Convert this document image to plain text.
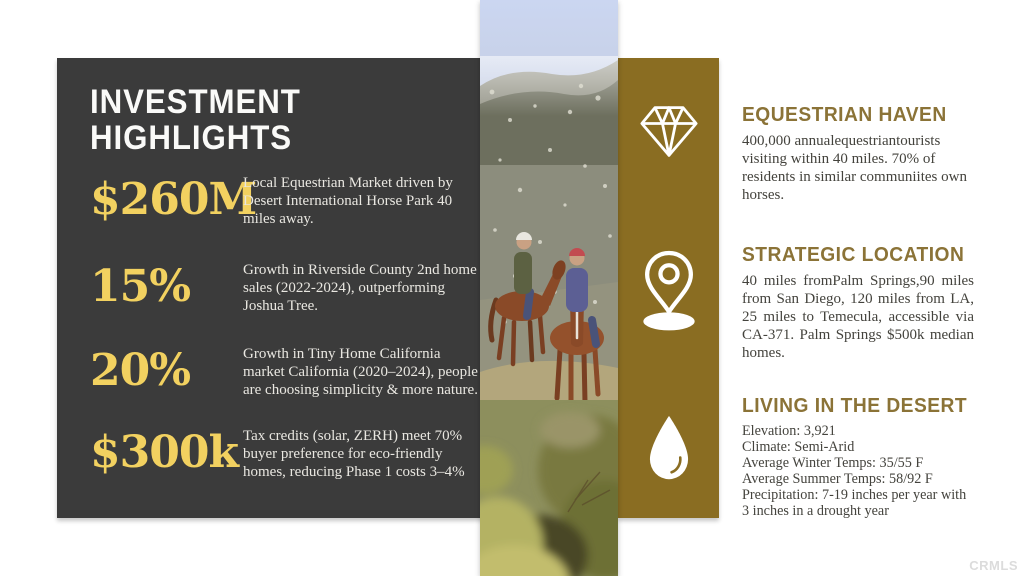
INVESTMENT
HIGHLIGHTS
$260M

Local Equestrian Market driven by Desert International Horse Park 40 miles away.

15%	Growth in Riverside County 2nd home sales (2022-2024), outperforming Joshua Tree.

20%	Growth in Tiny Home California market California (2020–2024), people are choosing simplicity & more nature.

$300k Tax credits (solar, ZERH) meet 70% buyer preference for eco-friendly homes, reducing Phase 1 costs 3–4%

EQUESTRIAN HAVEN

400,000 annualequestriantourists visiting within 40 miles. 70% of residents in similar communiites own horses.

STRATEGIC LOCATION

40 miles fromPalm Springs,90 miles from San Diego, 120 miles from LA, 25 miles to Temecula, accessible via CA-371. Palm Springs $500k median homes.

LIVING IN THE DESERT
Elevation: 3,921
Climate: Semi-Arid
Average Winter Temps: 35/55 F
Average Summer Temps: 58/92 F
Precipitation: 7-19 inches per year with 3 inches in a drought year
CRMLS
